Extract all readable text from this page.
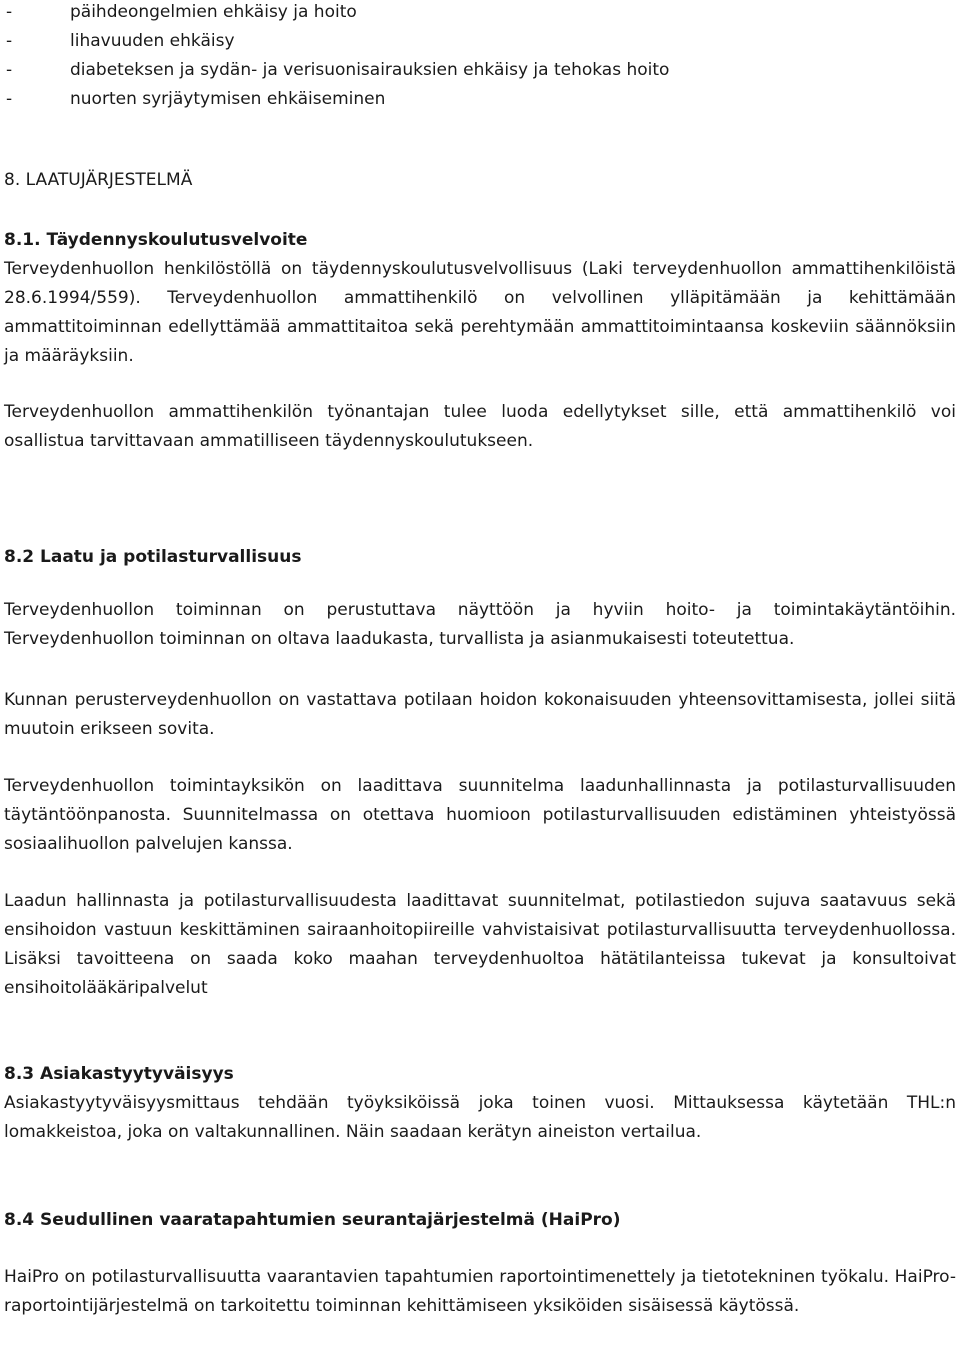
-	päihdeongelmien ehkäisy ja hoito
-	lihavuuden ehkäisy
-	diabeteksen ja sydän- ja verisuonisairauksien ehkäisy ja tehokas hoito
-	nuorten syrjäytymisen ehkäiseminen
8. LAATUJÄRJESTELMÄ
8.1. Täydennyskoulutusvelvoite

Terveydenhuollon henkilöstöllä on täydennyskoulutusvelvollisuus (Laki terveydenhuollon ammattihenkilöistä 28.6.1994/559). Terveydenhuollon ammattihenkilö on velvollinen ylläpitämään ja kehittämään ammattitoiminnan edellyttämää ammattitaitoa sekä perehtymään ammattitoimintaansa koskeviin säännöksiin ja määräyksiin.

Terveydenhuollon ammattihenkilön työnantajan tulee luoda edellytykset sille, että ammattihenkilö voi osallistua tarvittavaan ammatilliseen täydennyskoulutukseen.

8.2 Laatu ja potilasturvallisuus

Terveydenhuollon toiminnan on perustuttava näyttöön ja hyviin hoito- ja toimintakäytäntöihin. Terveydenhuollon toiminnan on oltava laadukasta, turvallista ja asianmukaisesti toteutettua.

Kunnan perusterveydenhuollon on vastattava potilaan hoidon kokonaisuuden yhteensovittamisesta, jollei siitä muutoin erikseen sovita.

Terveydenhuollon toimintayksikön on laadittava suunnitelma laadunhallinnasta ja potilasturvallisuuden täytäntöönpanosta. Suunnitelmassa on otettava huomioon potilasturvallisuuden edistäminen yhteistyössä sosiaalihuollon palvelujen kanssa.

Laadun hallinnasta ja potilasturvallisuudesta laadittavat suunnitelmat, potilastiedon sujuva saatavuus sekä ensihoidon vastuun keskittäminen sairaanhoitopiireille vahvistaisivat potilasturvallisuutta terveydenhuollossa. Lisäksi tavoitteena on saada koko maahan terveydenhuoltoa hätätilanteissa tukevat ja konsultoivat ensihoitolääkäripalvelut

8.3 Asiakastyytyväisyys

Asiakastyytyväisyysmittaus tehdään työyksiköissä joka toinen vuosi. Mittauksessa käytetään THL:n lomakkeistoa, joka on valtakunnallinen. Näin saadaan kerätyn aineiston vertailua.

8.4 Seudullinen vaaratapahtumien seurantajärjestelmä (HaiPro)

HaiPro on potilasturvallisuutta vaarantavien tapahtumien raportointimenettely ja tietotekninen työkalu. HaiPro-raportointijärjestelmä on tarkoitettu toiminnan kehittämiseen yksiköiden sisäisessä käytössä.
